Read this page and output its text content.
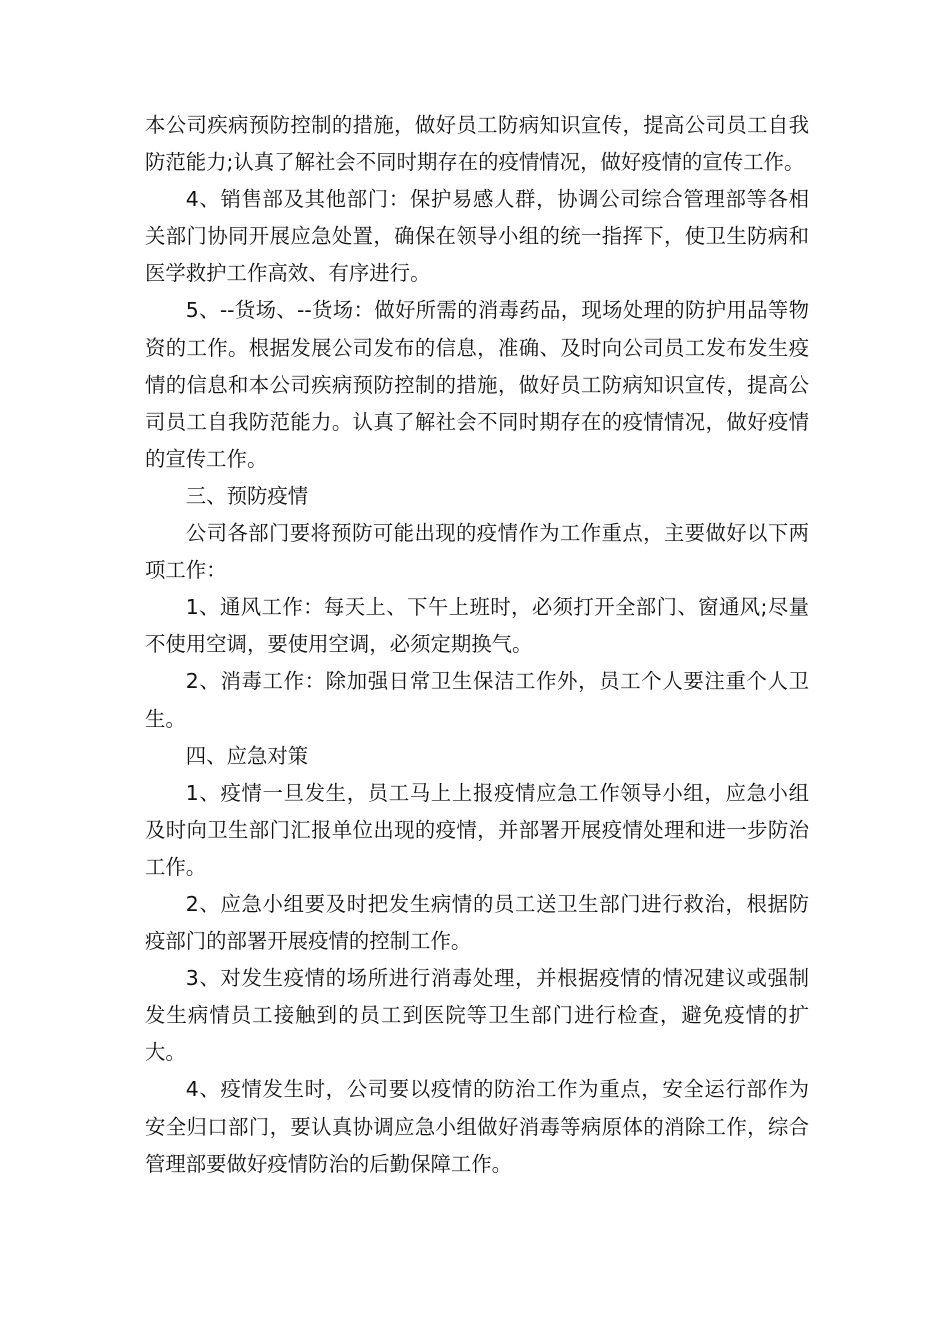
本公司疾病预防控制的措施，做好员工防病知识宣传，提高公司员工自我防范能力;认真了解社会不同时期存在的疫情情况，做好疫情的宣传工作。

4、销售部及其他部门：保护易感人群，协调公司综合管理部等各相关部门协同开展应急处置，确保在领导小组的统一指挥下，使卫生防病和医学救护工作高效、有序进行。

5、--货场、--货场：做好所需的消毒药品，现场处理的防护用品等物资的工作。根据发展公司发布的信息，准确、及时向公司员工发布发生疫情的信息和本公司疾病预防控制的措施，做好员工防病知识宣传，提高公司员工自我防范能力。认真了解社会不同时期存在的疫情情况，做好疫情的宣传工作。

三、预防疫情

公司各部门要将预防可能出现的疫情作为工作重点，主要做好以下两项工作：

1、通风工作：每天上、下午上班时，必须打开全部门、窗通风;尽量不使用空调，要使用空调，必须定期换气。

2、消毒工作：除加强日常卫生保洁工作外，员工个人要注重个人卫生。

四、应急对策

1、疫情一旦发生，员工马上上报疫情应急工作领导小组，应急小组及时向卫生部门汇报单位出现的疫情，并部署开展疫情处理和进一步防治工作。

2、应急小组要及时把发生病情的员工送卫生部门进行救治，根据防疫部门的部署开展疫情的控制工作。

3、对发生疫情的场所进行消毒处理，并根据疫情的情况建议或强制发生病情员工接触到的员工到医院等卫生部门进行检查，避免疫情的扩大。

4、疫情发生时，公司要以疫情的防治工作为重点，安全运行部作为安全归口部门，要认真协调应急小组做好消毒等病原体的消除工作，综合管理部要做好疫情防治的后勤保障工作。
